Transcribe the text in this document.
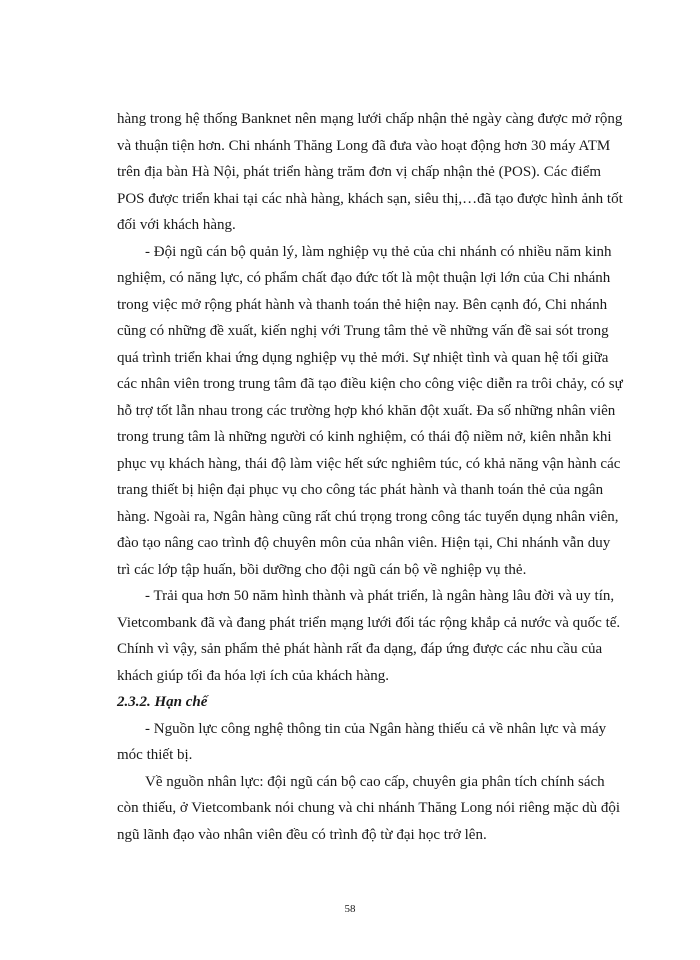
hàng trong hệ thống Banknet nên mạng lưới chấp nhận thẻ ngày càng được mở rộng
và thuận tiện hơn. Chi nhánh Thăng Long đã đưa vào hoạt động hơn 30 máy ATM
trên địa bàn Hà Nội, phát triển hàng trăm đơn vị chấp nhận thẻ (POS). Các điểm
POS được triển khai tại các nhà hàng, khách sạn, siêu thị,…đã tạo được hình ảnh tốt
đối với khách hàng.
- Đội ngũ cán bộ quản lý, làm nghiệp vụ thẻ của chi nhánh có nhiều năm kinh
nghiệm, có năng lực, có phẩm chất đạo đức tốt là một thuận lợi lớn của Chi nhánh
trong việc mở rộng phát hành và thanh toán thẻ hiện nay. Bên cạnh đó, Chi nhánh
cũng có những đề xuất, kiến nghị với Trung tâm thẻ về những vấn đề sai sót trong
quá trình triển khai ứng dụng nghiệp vụ thẻ mới. Sự nhiệt tình và quan hệ tối giữa
các nhân viên trong trung tâm đã tạo điều kiện cho công việc diễn ra trôi chảy, có sự
hỗ trợ tốt lẫn nhau trong các trường hợp khó khăn đột xuất. Đa số những nhân viên
trong trung tâm là những người có kinh nghiệm, có thái độ niềm nở, kiên nhẫn khi
phục vụ khách hàng, thái độ làm việc hết sức nghiêm túc, có khả năng vận hành các
trang thiết bị hiện đại phục vụ cho công tác phát hành và thanh toán thẻ của ngân
hàng. Ngoài ra, Ngân hàng cũng rất chú trọng trong công tác tuyển dụng nhân viên,
đào tạo nâng cao trình độ chuyên môn của nhân viên. Hiện tại, Chi nhánh vẫn duy
trì các lớp tập huấn, bồi dưỡng cho đội ngũ cán bộ về nghiệp vụ thẻ.
- Trải qua hơn 50 năm hình thành và phát triển, là ngân hàng lâu đời và uy tín,
Vietcombank đã và đang phát triển mạng lưới đối tác rộng khắp cả nước và quốc tế.
Chính vì vậy, sản phẩm thẻ phát hành rất đa dạng, đáp ứng được các nhu cầu của
khách giúp tối đa hóa lợi ích của khách hàng.
2.3.2. Hạn chế
- Nguồn lực công nghệ thông tin của Ngân hàng thiếu cả về nhân lực và máy
móc thiết bị.
Về nguồn nhân lực: đội ngũ cán bộ cao cấp, chuyên gia phân tích chính sách
còn thiếu, ở Vietcombank nói chung và chi nhánh Thăng Long nói riêng mặc dù đội
ngũ lãnh đạo vào nhân viên đều có trình độ từ đại học trở lên.
58
